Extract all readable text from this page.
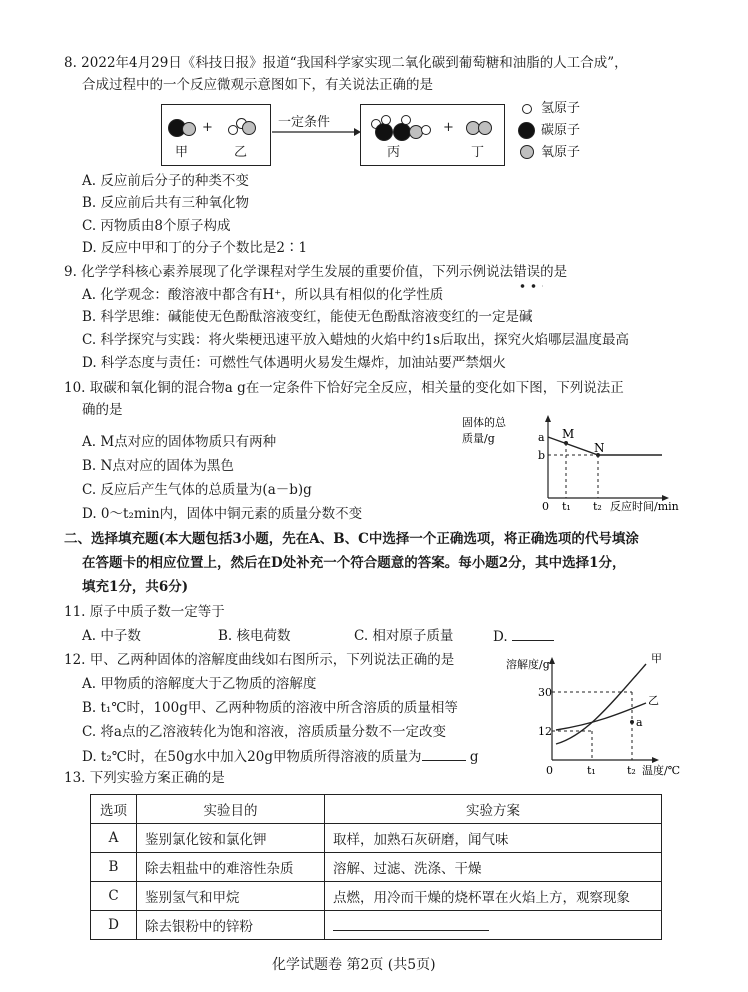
8. 2022年4月29日《科技日报》报道“我国科学家实现二氧化碳到葡萄糖和油脂的人工合成”，
合成过程中的一个反应微观示意图如下，有关说法正确的是
+
甲	乙
一定条件	+
丙	丁
氢原子
碳原子
氧原子
A. 反应前后分子的种类不变
B. 反应前后共有三种氧化物
C. 丙物质由8个原子构成
D. 反应中甲和丁的分子个数比是2∶1
9. 化学学科核心素养展现了化学课程对学生发展的重要价值，下列示例说法错误的是
A. 化学观念：酸溶液中都含有H⁺，所以具有相似的化学性质
B. 科学思维：碱能使无色酚酞溶液变红，能使无色酚酞溶液变红的一定是碱
C. 科学探究与实践：将火柴梗迅速平放入蜡烛的火焰中约1s后取出，探究火焰哪层温度最高
D. 科学态度与责任：可燃性气体遇明火易发生爆炸，加油站要严禁烟火
10. 取碳和氧化铜的混合物a g在一定条件下恰好完全反应，相关量的变化如下图，下列说法正
确的是
A. M点对应的固体物质只有两种
B. N点对应的固体为黑色
C. 反应后产生气体的总质量为(a－b)g
D. 0～t₂min内，固体中铜元素的质量分数不变
固体的总
质量/g	a
b
M
N
0 t₁ t₂ 反应时间/min
二、选择填充题(本大题包括3小题，先在A、B、C中选择一个正确选项，将正确选项的代号填涂
在答题卡的相应位置上，然后在D处补充一个符合题意的答案。每小题2分，其中选择1分，
填充1分，共6分)
11. 原子中质子数一定等于
A. 中子数	B. 核电荷数	C. 相对原子质量	D.
12. 甲、乙两种固体的溶解度曲线如右图所示，下列说法正确的是
A. 甲物质的溶解度大于乙物质的溶解度
B. t₁℃时，100g甲、乙两种物质的溶液中所含溶质的质量相等
C. 将a点的乙溶液转化为饱和溶液，溶质质量分数不一定改变
D. t₂℃时，在50g水中加入20g甲物质所得溶液的质量为	g
溶解度/g
30
12
0	t₁	t₂ 温度/℃
甲
乙
a
13. 下列实验方案正确的是
选项	实验目的	实验方案
A	鉴别氯化铵和氯化钾	取样，加熟石灰研磨，闻气味
B	除去粗盐中的难溶性杂质	溶解、过滤、洗涤、干燥
C	鉴别氢气和甲烷	点燃，用冷而干燥的烧杯罩在火焰上方，观察现象
D	除去银粉中的锌粉	
化学试题卷 第2页 (共5页)
